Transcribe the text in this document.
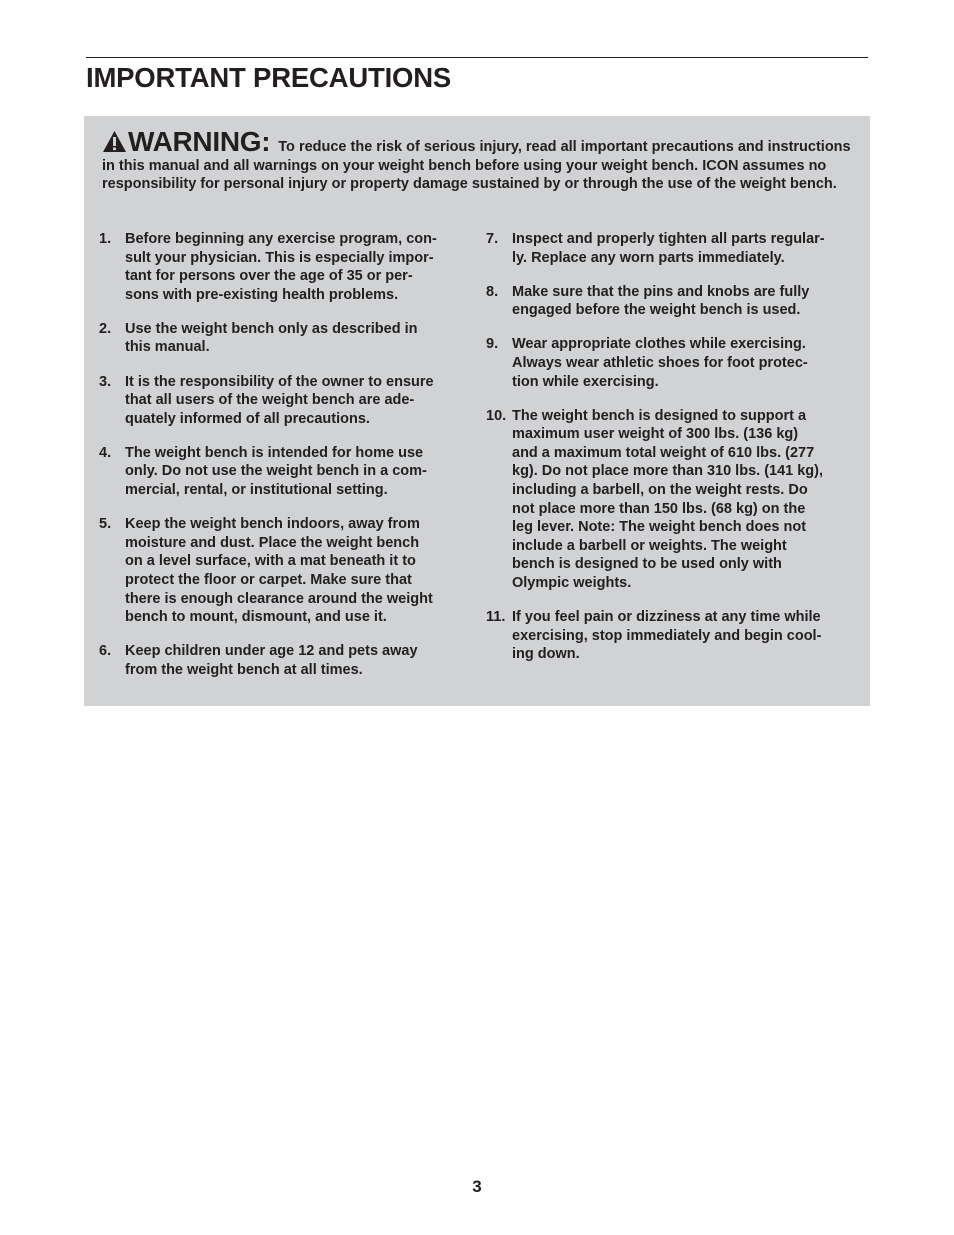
IMPORTANT PRECAUTIONS

WARNING: To reduce the risk of serious injury, read all important precautions and instructions in this manual and all warnings on your weight bench before using your weight bench. ICON assumes no responsibility for personal injury or property damage sustained by or through the use of the weight bench.

1. Before beginning any exercise program, con-
sult your physician. This is especially impor-
tant for persons over the age of 35 or per-
sons with pre-existing health problems.
2. Use the weight bench only as described in
this manual.
3. It is the responsibility of the owner to ensure
that all users of the weight bench are ade-
quately informed of all precautions.
4. The weight bench is intended for home use
only. Do not use the weight bench in a com-
mercial, rental, or institutional setting.
5. Keep the weight bench indoors, away from
moisture and dust. Place the weight bench
on a level surface, with a mat beneath it to
protect the floor or carpet. Make sure that
there is enough clearance around the weight
bench to mount, dismount, and use it.
6. Keep children under age 12 and pets away
from the weight bench at all times.
7. Inspect and properly tighten all parts regular-
ly. Replace any worn parts immediately.
8. Make sure that the pins and knobs are fully
engaged before the weight bench is used.
9. Wear appropriate clothes while exercising.
Always wear athletic shoes for foot protec-
tion while exercising.
10. The weight bench is designed to support a
maximum user weight of 300 lbs. (136 kg)
and a maximum total weight of 610 lbs. (277
kg). Do not place more than 310 lbs. (141 kg),
including a barbell, on the weight rests. Do
not place more than 150 lbs. (68 kg) on the
leg lever. Note: The weight bench does not
include a barbell or weights. The weight
bench is designed to be used only with
Olympic weights.
11. If you feel pain or dizziness at any time while
exercising, stop immediately and begin cool-
ing down.
3
